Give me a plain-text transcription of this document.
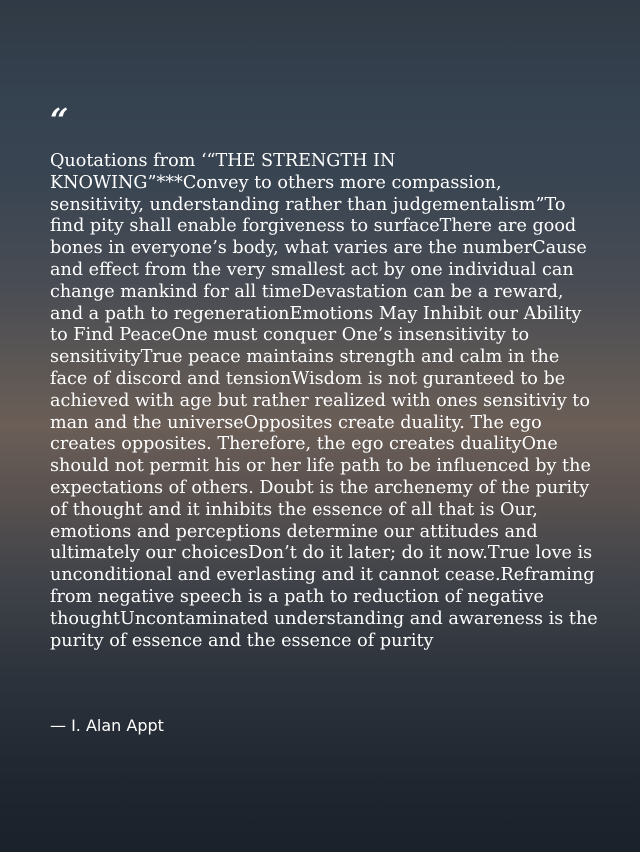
“

Quotations from ‘“THE STRENGTH IN KNOWING”***Convey to others more compassion, sensitivity, understanding rather than judgementalism”To find pity shall enable forgiveness to surfaceThere are good bones in everyone’s body, what varies are the numberCause and effect from the very smallest act by one individual can change mankind for all timeDevastation can be a reward, and a path to regenerationEmotions May Inhibit our Ability to Find PeaceOne must conquer One’s insensitivity to sensitivityTrue peace maintains strength and calm in the face of discord and tensionWisdom is not guranteed to be achieved with age but rather realized with ones sensitiviy to man and the universeOpposites create duality. The ego creates opposites. Therefore, the ego creates dualityOne should not permit his or her life path to be influenced by the expectations of others. Doubt is the archenemy of the purity of thought and it inhibits the essence of all that is Our, emotions and perceptions determine our attitudes and ultimately our choicesDon’t do it later; do it now.True love is unconditional and everlasting and it cannot cease.Reframing from negative speech is a path to reduction of negative thoughtUncontaminated understanding and awareness is the purity of essence and the essence of purity

— I. Alan Appt
